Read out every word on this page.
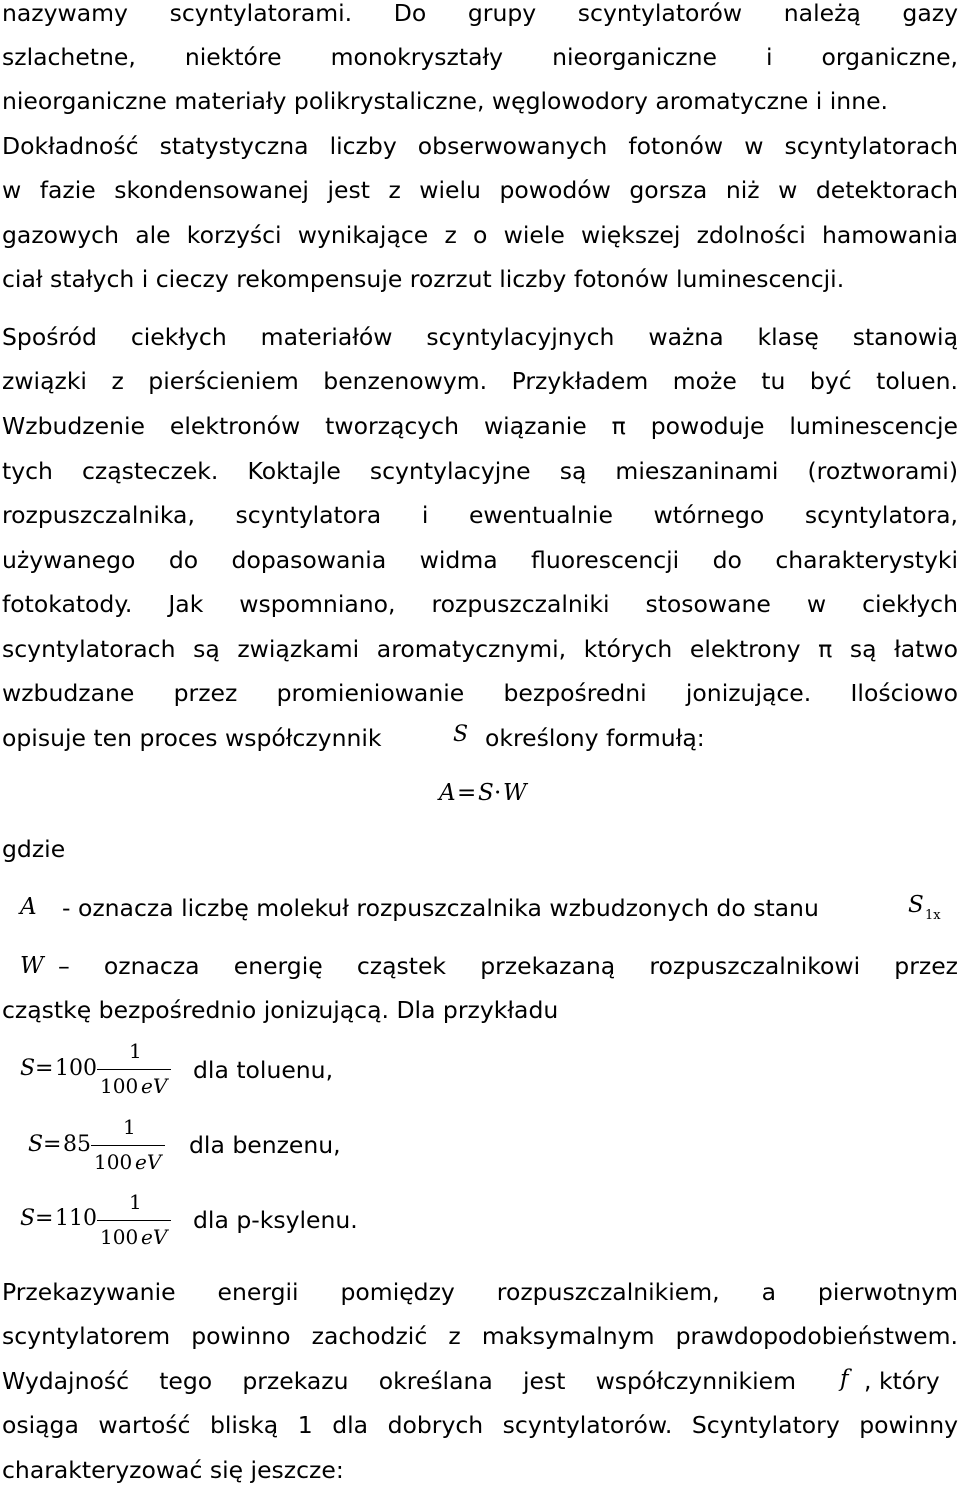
nazywamy scyntylatorami. Do grupy scyntylatorów należą gazy
szlachetne, niektóre monokryształy nieorganiczne i organiczne,
nieorganiczne materiały polikrystaliczne, węglowodory aromatyczne i inne.
Dokładność statystyczna liczby obserwowanych fotonów w scyntylatorach
w fazie skondensowanej jest z wielu powodów gorsza niż w detektorach
gazowych ale korzyści wynikające z o wiele większej zdolności hamowania
ciał stałych i cieczy rekompensuje rozrzut liczby fotonów luminescencji.
Spośród ciekłych materiałów scyntylacyjnych ważna klasę stanowią
związki z pierścieniem benzenowym. Przykładem może tu być toluen.
Wzbudzenie elektronów tworzących wiązanie π powoduje luminescencje
tych cząsteczek. Koktajle scyntylacyjne są mieszaninami (roztworami)
rozpuszczalnika, scyntylatora i ewentualnie wtórnego scyntylatora,
używanego do dopasowania widma fluorescencji do charakterystyki
fotokatody. Jak wspomniano, rozpuszczalniki stosowane w ciekłych
scyntylatorach są związkami aromatycznymi, których elektrony π są łatwo
wzbudzane przez promieniowanie bezpośredni jonizujące. Ilościowo
opisuje ten proces współczynnik	S określony formułą:
A = S · W
gdzie
A - oznacza liczbę molekuł rozpuszczalnika wzbudzonych do stanu	S 1x
W – oznacza energię cząstek przekazaną rozpuszczalnikowi przez
cząstkę bezpośrednio jonizującą. Dla przykładu
S = 100
1
100 eV
dla toluenu,
S = 85
1
100 eV
dla benzenu,
S = 110
1
100 eV
dla p-ksylenu.
Przekazywanie energii pomiędzy rozpuszczalnikiem, a pierwotnym
scyntylatorem powinno zachodzić z maksymalnym prawdopodobieństwem.
Wydajność tego przekazu określana jest współczynnikiem f , który
osiąga wartość bliską 1 dla dobrych scyntylatorów. Scyntylatory powinny
charakteryzować się jeszcze:
